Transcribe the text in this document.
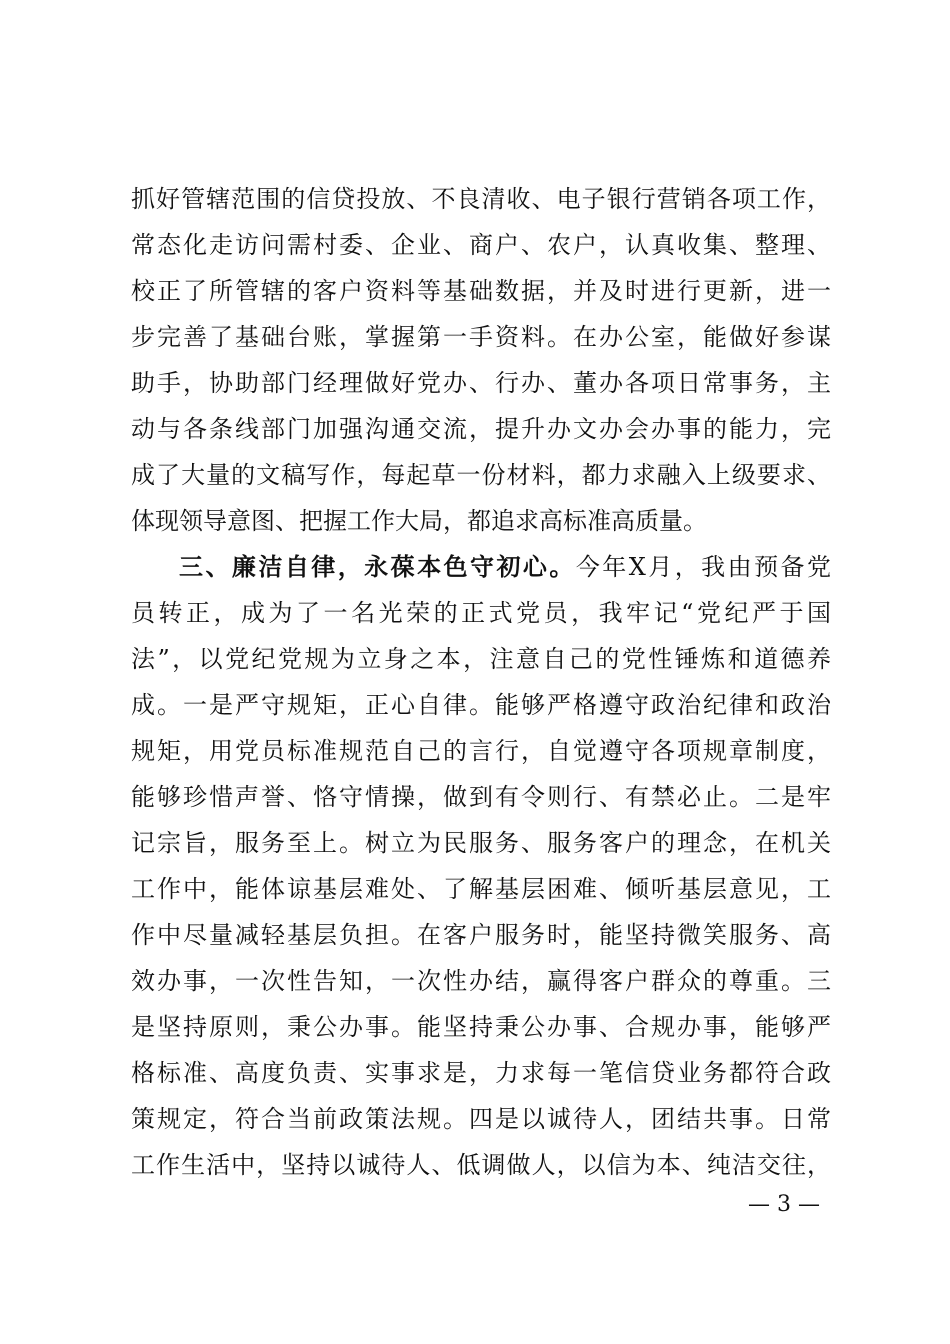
抓好管辖范围的信贷投放、不良清收、电子银行营销各项工作，
常态化走访问需村委、企业、商户、农户，认真收集、整理、
校正了所管辖的客户资料等基础数据，并及时进行更新，进一
步完善了基础台账，掌握第一手资料。在办公室，能做好参谋
助手，协助部门经理做好党办、行办、董办各项日常事务，主
动与各条线部门加强沟通交流，提升办文办会办事的能力，完
成了大量的文稿写作，每起草一份材料，都力求融入上级要求、
体现领导意图、把握工作大局，都追求高标准高质量。
三、廉洁自律，永葆本色守初心。今年X月，我由预备党
员转正，成为了一名光荣的正式党员，我牢记“党纪严于国
法”，以党纪党规为立身之本，注意自己的党性锤炼和道德养
成。一是严守规矩，正心自律。能够严格遵守政治纪律和政治
规矩，用党员标准规范自己的言行，自觉遵守各项规章制度，
能够珍惜声誉、恪守情操，做到有令则行、有禁必止。二是牢
记宗旨，服务至上。树立为民服务、服务客户的理念，在机关
工作中，能体谅基层难处、了解基层困难、倾听基层意见，工
作中尽量减轻基层负担。在客户服务时，能坚持微笑服务、高
效办事，一次性告知，一次性办结，赢得客户群众的尊重。三
是坚持原则，秉公办事。能坚持秉公办事、合规办事，能够严
格标准、高度负责、实事求是，力求每一笔信贷业务都符合政
策规定，符合当前政策法规。四是以诚待人，团结共事。日常
工作生活中，坚持以诚待人、低调做人，以信为本、纯洁交往，
— 3 —
